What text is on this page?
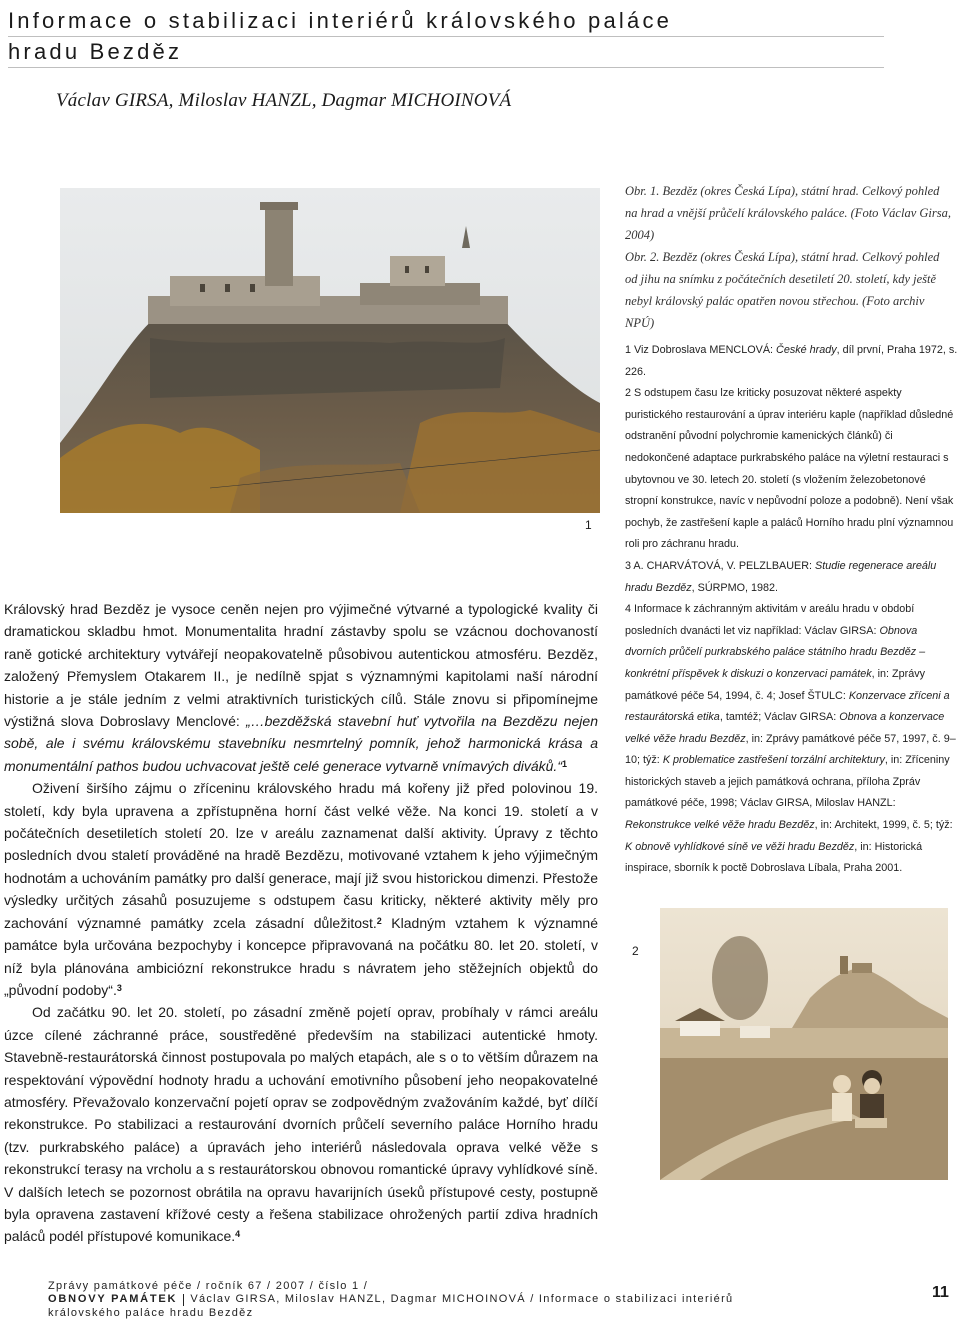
Informace o stabilizaci interiérů královského paláce
hradu Bezděz

Václav GIRSA, Miloslav HANZL, Dagmar MICHOINOVÁ

1
2

Obr. 1. Bezděz (okres Česká Lípa), státní hrad. Celkový pohled na hrad a vnější průčelí královského paláce. (Foto Václav Girsa, 2004)

Obr. 2. Bezděz (okres Česká Lípa), státní hrad. Celkový pohled od jihu na snímku z počátečních desetiletí 20. století, kdy ještě nebyl královský palác opatřen novou střechou. (Foto archiv NPÚ)

1 Viz Dobroslava MENCLOVÁ: České hrady, díl první, Praha 1972, s. 226.

2 S odstupem času lze kriticky posuzovat některé aspekty puristického restaurování a úprav interiéru kaple (například důsledné odstranění původní polychromie kamenických článků) či nedokončené adaptace purkrabského paláce na výletní restauraci s ubytovnou ve 30. letech 20. století (s vložením železobetonové stropní konstrukce, navíc v nepůvodní poloze a podobně). Není však pochyb, že zastřešení kaple a paláců Horního hradu plní významnou roli pro záchranu hradu.

3 A. CHARVÁTOVÁ, V. PELZLBAUER: Studie regenerace areálu hradu Bezděz, SÚRPMO, 1982.

4 Informace k záchranným aktivitám v areálu hradu v období posledních dvanácti let viz například: Václav GIRSA: Obnova dvorních průčelí purkrabského paláce státního hradu Bezděz – konkrétní příspěvek k diskuzi o konzervaci památek, in: Zprávy památkové péče 54, 1994, č. 4; Josef ŠTULC: Konzervace zříceni a restaurátorská etika, tamtéž; Václav GIRSA: Obnova a konzervace velké věže hradu Bezděz, in: Zprávy památkové péče 57, 1997, č. 9–10; týž: K problematice zastřešení torzální architektury, in: Zříceniny historických staveb a jejich památková ochrana, příloha Zpráv památkové péče, 1998; Václav GIRSA, Miloslav HANZL: Rekonstrukce velké věže hradu Bezděz, in: Architekt, 1999, č. 5; týž: K obnově vyhlídkové síně ve věži hradu Bezděz, in: Historická inspirace, sborník k poctě Dobroslava Líbala, Praha 2001.

Královský hrad Bezděz je vysoce ceněn nejen pro výjimečné výtvarné a typologické kvality či dramatickou skladbu hmot. Monumentalita hradní zástavby spolu se vzácnou dochovaností raně gotické architektury vytvářejí neopakovatelně působivou autentickou atmosféru. Bezděz, založený Přemyslem Otakarem II., je nedílně spjat s významnými kapitolami naší národní historie a je stále jedním z velmi atraktivních turistických cílů. Stále znovu si připomínejme výstižná slova Dobroslavy Menclové: „…bezděžská stavební huť vytvořila na Bezdězu nejen sobě, ale i svému královskému stavebníku nesmrtelný pomník, jehož harmonická krása a monumentální pathos budou uchvacovat ještě celé generace vytvarně vnímavých diváků.“$^1$

Oživení širšího zájmu o zříceninu královského hradu má kořeny již před polovinou 19. století, kdy byla upravena a zpřístupněna horní část velké věže. Na konci 19. století a v počátečních desetiletích století 20. lze v areálu zaznamenat další aktivity. Úpravy z těchto posledních dvou staletí prováděné na hradě Bezdězu, motivované vztahem k jeho výjimečným hodnotám a uchováním památky pro další generace, mají již svou historickou dimenzi. Přestože výsledky určitých zásahů posuzujeme s odstupem času kriticky, některé aktivity měly pro zachování významné památky zcela zásadní důležitost.$^2$ Kladným vztahem k významné památce byla určována bezpochyby i koncepce připravovaná na počátku 80. let 20. století, v níž byla plánována ambiciózní rekonstrukce hradu s návratem jeho stěžejních objektů do „původní podoby“.$^3$

Od začátku 90. let 20. století, po zásadní změně pojetí oprav, probíhaly v rámci areálu úzce cílené záchranné práce, soustředěné především na stabilizaci autentické hmoty. Stavebně-restaurátorská činnost postupovala po malých etapách, ale s o to větším důrazem na respektování výpovědní hodnoty hradu a uchování emotivního působení jeho neopakovatelné atmosféry. Převažovalo konzervační pojetí oprav se zodpovědným zvažováním každé, byť dílčí rekonstrukce. Po stabilizaci a restaurování dvorních průčelí severního paláce Horního hradu (tzv. purkrabského paláce) a úpravách jeho interiérů následovala oprava velké věže s rekonstrukcí terasy na vrcholu a s restaurátorskou obnovou romantické úpravy vyhlídkové síně. V dalších letech se pozornost obrátila na opravu havarijních úseků přístupové cesty, postupně byla opravena zastavení křížové cesty a řešena stabilizace ohrožených partií zdiva hradních paláců podél přístupové komunikace.$^4$

Zprávy památkové péče / ročník 67 / 2007 / číslo 1 /
OBNOVY PAMÁTEK Václav GIRSA, Miloslav HANZL, Dagmar MICHOINOVÁ / Informace o stabilizaci interiérů
královského paláce hradu Bezděz
11
